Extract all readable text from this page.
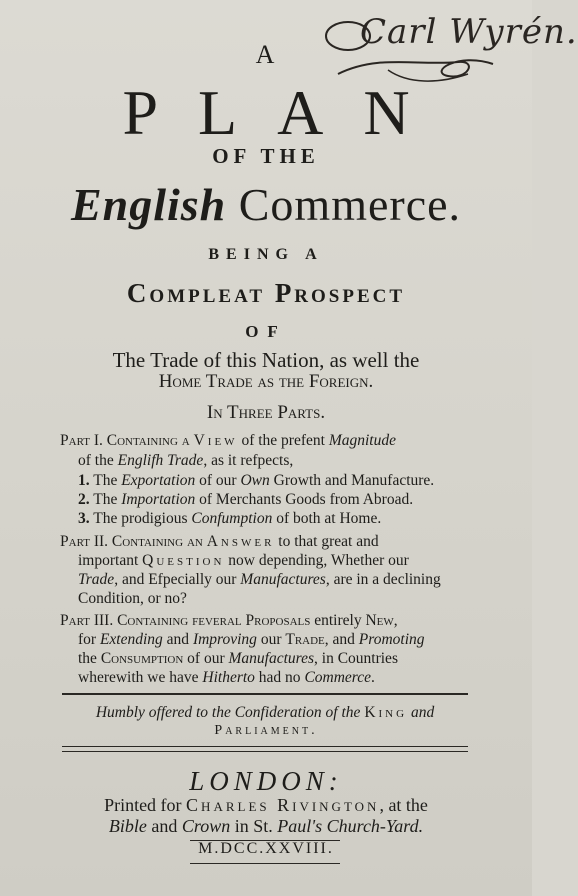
Carl Wyrén.
A
PLAN
OF THE
English Commerce.
BEING A
Compleat Prospect
OF
The Trade of this Nation, as well the
Home Trade as the Foreign.
In Three Parts.
Part I. Containing a View of the prefent Magnitude
of the Englifh Trade, as it refpects,
1. The Exportation of our Own Growth and Manufacture.
2. The Importation of Merchants Goods from Abroad.
3. The prodigious Confumption of both at Home.
Part II. Containing an Answer to that great and
important Question now depending, Whether our
Trade, and Efpecially our Manufactures, are in a declining
Condition, or no?
Part III. Containing feveral Proposals entirely New,
for Extending and Improving our Trade, and Promoting
the Consumption of our Manufactures, in Countries
wherewith we have Hitherto had no Commerce.
Humbly offered to the Confideration of the King and
Parliament.
LONDON:
Printed for Charles Rivington, at the
Bible and Crown in St. Paul's Church-Yard.
M.DCC.XXVIII.
